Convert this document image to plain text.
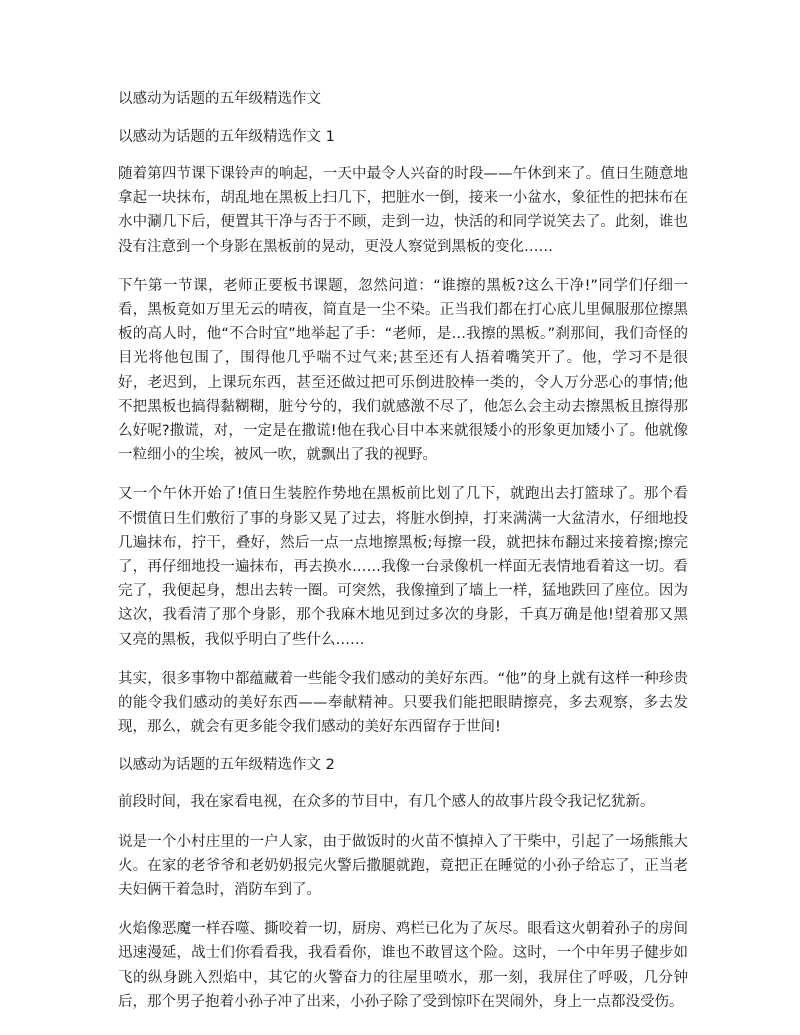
以感动为话题的五年级精选作文

以感动为话题的五年级精选作文 1

随着第四节课下课铃声的响起，一天中最令人兴奋的时段——午休到来了。值日生随意地拿起一块抹布，胡乱地在黑板上扫几下，把脏水一倒，接来一小盆水，象征性的把抹布在水中涮几下后，便置其干净与否于不顾，走到一边，快活的和同学说笑去了。此刻，谁也没有注意到一个身影在黑板前的晃动，更没人察觉到黑板的变化……

下午第一节课，老师正要板书课题，忽然问道：“谁擦的黑板?这么干净!”同学们仔细一看，黑板竟如万里无云的晴夜，简直是一尘不染。正当我们都在打心底儿里佩服那位擦黑板的高人时，他“不合时宜”地举起了手：“老师，是…我擦的黑板。”刹那间，我们奇怪的目光将他包围了，围得他几乎喘不过气来;甚至还有人捂着嘴笑开了。他，学习不是很好，老迟到，上课玩东西，甚至还做过把可乐倒进胶棒一类的，令人万分恶心的事情;他不把黑板也搞得黏糊糊，脏兮兮的，我们就感激不尽了，他怎么会主动去擦黑板且擦得那么好呢?撒谎，对，一定是在撒谎!他在我心目中本来就很矮小的形象更加矮小了。他就像一粒细小的尘埃，被风一吹，就飘出了我的视野。

又一个午休开始了!值日生装腔作势地在黑板前比划了几下，就跑出去打篮球了。那个看不惯值日生们敷衍了事的身影又晃了过去，将脏水倒掉，打来满满一大盆清水，仔细地投几遍抹布，拧干，叠好，然后一点一点地擦黑板;每擦一段，就把抹布翻过来接着擦;擦完了，再仔细地投一遍抹布，再去换水……我像一台录像机一样面无表情地看着这一切。看完了，我便起身，想出去转一圈。可突然，我像撞到了墙上一样，猛地跌回了座位。因为这次，我看清了那个身影，那个我麻木地见到过多次的身影，千真万确是他!望着那又黑又亮的黑板，我似乎明白了些什么……

其实，很多事物中都蕴藏着一些能令我们感动的美好东西。“他”的身上就有这样一种珍贵的能令我们感动的美好东西——奉献精神。只要我们能把眼睛擦亮，多去观察，多去发现，那么，就会有更多能令我们感动的美好东西留存于世间!

以感动为话题的五年级精选作文 2

前段时间，我在家看电视，在众多的节目中，有几个感人的故事片段令我记忆犹新。

说是一个小村庄里的一户人家，由于做饭时的火苗不慎掉入了干柴中，引起了一场熊熊大火。在家的老爷爷和老奶奶报完火警后撒腿就跑，竟把正在睡觉的小孙子给忘了，正当老夫妇俩干着急时，消防车到了。

火焰像恶魔一样吞噬、撕咬着一切，厨房、鸡栏已化为了灰尽。眼看这火朝着孙子的房间迅速漫延，战士们你看看我，我看看你，谁也不敢冒这个险。这时，一个中年男子健步如飞的纵身跳入烈焰中，其它的火警奋力的往屋里喷水，那一刻，我屏住了呼吸，几分钟后，那个男子抱着小孙子冲了出来，小孙子除了受到惊吓在哭闹外，身上一点都没受伤。
